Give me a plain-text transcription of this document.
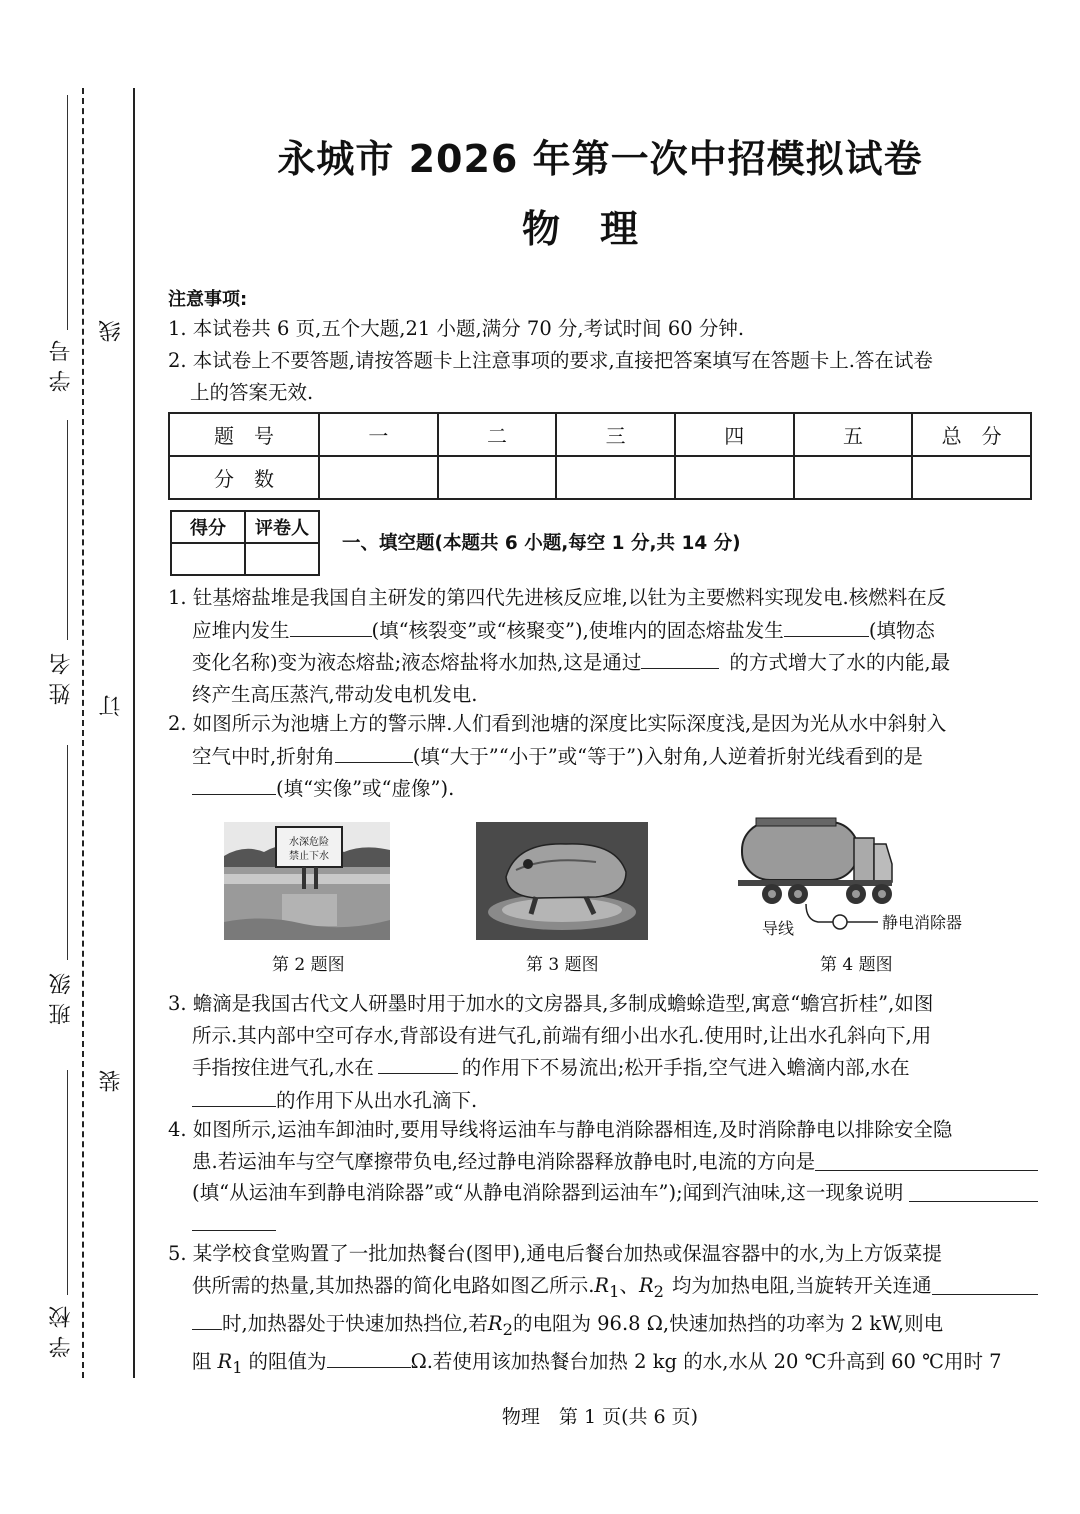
学号
姓名
班级
学校
线
订
装
永城市 2026 年第一次中招模拟试卷
物理
注意事项:
1. 本试卷共 6 页,五个大题,21 小题,满分 70 分,考试时间 60 分钟.
2. 本试卷上不要答题,请按答题卡上注意事项的要求,直接把答案填写在答题卡上.答在试卷
上的答案无效.
题　号	一	二	三	四	五	总　分
分　数						
得分	评卷人

一、填空题(本题共 6 小题,每空 1 分,共 14 分)
1. 钍基熔盐堆是我国自主研发的第四代先进核反应堆,以钍为主要燃料实现发电.核燃料在反
应堆内发生	(填“核裂变”或“核聚变”),使堆内的固态熔盐发生	(填物态
变化名称)变为液态熔盐;液态熔盐将水加热,这是通过	的方式增大了水的内能,最
终产生高压蒸汽,带动发电机发电.
2. 如图所示为池塘上方的警示牌.人们看到池塘的深度比实际深度浅,是因为光从水中斜射入
空气中时,折射角	(填“大于”“小于”或“等于”)入射角,人逆着折射光线看到的是
(填“实像”或“虚像”).
水深危险
禁止下水
第 2 题图	第 3 题图
导线	静电消除器
第 4 题图
3. 蟾滴是我国古代文人研墨时用于加水的文房器具,多制成蟾蜍造型,寓意“蟾宫折桂”,如图
所示.其内部中空可存水,背部设有进气孔,前端有细小出水孔.使用时,让出水孔斜向下,用
手指按住进气孔,水在	的作用下不易流出;松开手指,空气进入蟾滴内部,水在
的作用下从出水孔滴下.
4. 如图所示,运油车卸油时,要用导线将运油车与静电消除器相连,及时消除静电以排除安全隐
患.若运油车与空气摩擦带负电,经过静电消除器释放静电时,电流的方向是
(填“从运油车到静电消除器”或“从静电消除器到运油车”);闻到汽油味,这一现象说明
5. 某学校食堂购置了一批加热餐台(图甲),通电后餐台加热或保温容器中的水,为上方饭菜提
供所需的热量,其加热器的简化电路如图乙所示. $R_1$ 、 $R_2$ 均为加热电阻,当旋转开关连通
时,加热器处于快速加热挡位,若$R_2$的电阻为 96.8 Ω,快速加热挡的功率为 2 kW,则电
阻 $R_1$ 的阻值为	Ω.若使用该加热餐台加热 2 kg 的水,水从 20 ℃升高到 60 ℃用时 7
物理　第 1 页(共 6 页)
